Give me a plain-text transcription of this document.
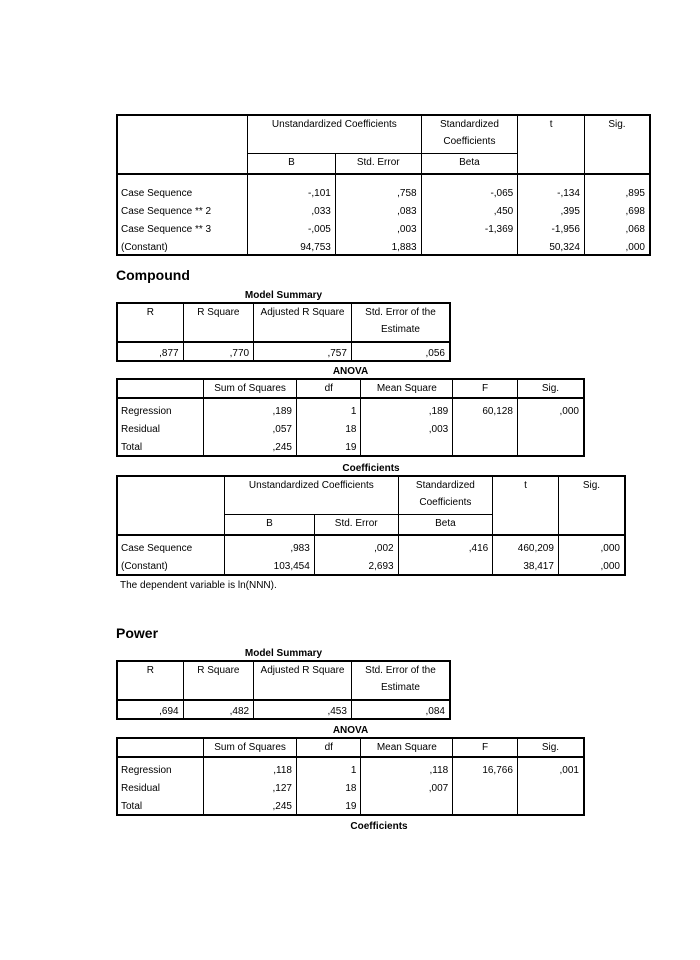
	Unstandardized Coefficients		Standardized
Coefficients	t	Sig.
	B	Std. Error	Beta		

Case Sequence	-,101	,758	-,065	-,134	,895
Case Sequence ** 2	,033	,083	,450	,395	,698
Case Sequence ** 3	-,005	,003	-1,369	-1,956	,068
(Constant)	94,753	1,883		50,324	,000
Compound
Model Summary
R	R Square	Adjusted R Square	Std. Error of the
Estimate
,877	,770	,757	,056
ANOVA
	Sum of Squares	df	Mean Square	F	Sig.

Regression	,189	1	,189	60,128	,000
Residual	,057	18	,003		
Total	,245	19			
Coefficients
	Unstandardized Coefficients		Standardized
Coefficients	t	Sig.
	B	Std. Error	Beta		

Case Sequence	,983	,002	,416	460,209	,000
(Constant)	103,454	2,693		38,417	,000
The dependent variable is ln(NNN).
Power
Model Summary
R	R Square	Adjusted R Square	Std. Error of the
Estimate
,694	,482	,453	,084
ANOVA
	Sum of Squares	df	Mean Square	F	Sig.

Regression	,118	1	,118	16,766	,001
Residual	,127	18	,007		
Total	,245	19			
Coefficients
